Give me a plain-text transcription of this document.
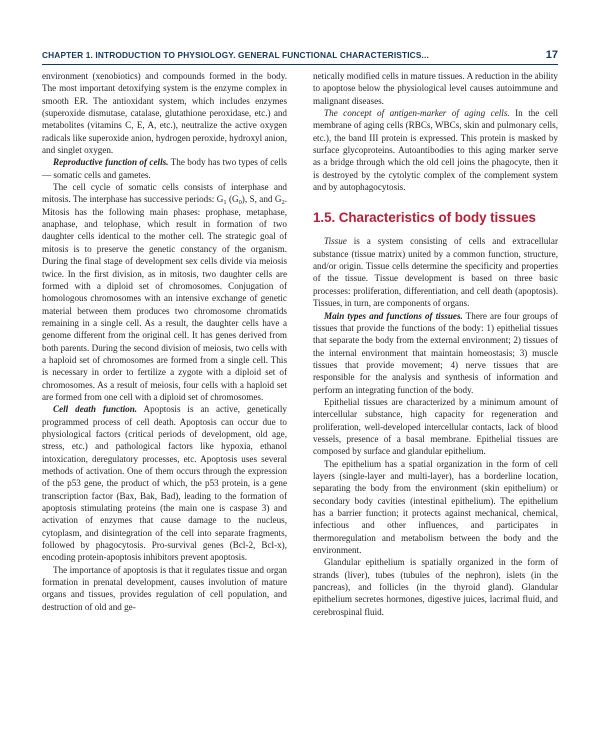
CHAPTER 1. INTRODUCTION TO PHYSIOLOGY. GENERAL FUNCTIONAL CHARACTERISTICS...	17

environment (xenobiotics) and compounds formed in the body. The most important detoxifying system is the enzyme complex in smooth ER. The antioxidant system, which includes enzymes (superoxide dismutase, catalase, glutathione peroxidase, etc.) and metabolites (vitamins C, E, A, etc.), neutralize the active oxygen radicals like superoxide anion, hydrogen peroxide, hydroxyl anion, and singlet oxygen.

Reproductive function of cells. The body has two types of cells — somatic cells and gametes.

The cell cycle of somatic cells consists of interphase and mitosis. The interphase has successive periods: $G_1$ $(G_0)$, S, and $G_2$. Mitosis has the following main phases: prophase, metaphase, anaphase, and telophase, which result in formation of two daughter cells identical to the mother cell. The strategic goal of mitosis is to preserve the genetic constancy of the organism. During the final stage of development sex cells divide via meiosis twice. In the first division, as in mitosis, two daughter cells are formed with a diploid set of chromosomes. Conjugation of homologous chromosomes with an intensive exchange of genetic material between them produces two chromosome chromatids remaining in a single cell. As a result, the daughter cells have a genome different from the original cell. It has genes derived from both parents. During the second division of meiosis, two cells with a haploid set of chromosomes are formed from a single cell. This is necessary in order to fertilize a zygote with a diploid set of chromosomes. As a result of meiosis, four cells with a haploid set are formed from one cell with a diploid set of chromosomes.

Cell death function. Apoptosis is an active, genetically programmed process of cell death. Apoptosis can occur due to physiological factors (critical periods of development, old age, stress, etc.) and pathological factors like hypoxia, ethanol intoxication, deregulatory processes, etc. Apoptosis uses several methods of activation. One of them occurs through the expression of the p53 gene, the product of which, the p53 protein, is a gene transcription factor (Bax, Bak, Bad), leading to the formation of apoptosis stimulating proteins (the main one is caspase 3) and activation of enzymes that cause damage to the nucleus, cytoplasm, and disintegration of the cell into separate fragments, followed by phagocytosis. Pro-survival genes (Bcl-2, Bcl-x), encoding protein-apoptosis inhibitors prevent apoptosis.

The importance of apoptosis is that it regulates tissue and organ formation in prenatal development, causes involution of mature organs and tissues, provides regulation of cell population, and destruction of old and ge-

netically modified cells in mature tissues. A reduction in the ability to apoptose below the physiological level causes autoimmune and malignant diseases.

The concept of antigen-marker of aging cells. In the cell membrane of aging cells (RBCs, WBCs, skin and pulmonary cells, etc.), the band III protein is expressed. This protein is masked by surface glycoproteins. Autoantibodies to this aging marker serve as a bridge through which the old cell joins the phagocyte, then it is destroyed by the cytolytic complex of the complement system and by autophagocytosis.

1.5. Characteristics of body tissues

Tissue is a system consisting of cells and extracellular substance (tissue matrix) united by a common function, structure, and/or origin. Tissue cells determine the specificity and properties of the tissue. Tissue development is based on three basic processes: proliferation, differentiation, and cell death (apoptosis). Tissues, in turn, are components of organs.

Main types and functions of tissues. There are four groups of tissues that provide the functions of the body: 1) epithelial tissues that separate the body from the external environment; 2) tissues of the internal environment that maintain homeostasis; 3) muscle tissues that provide movement; 4) nerve tissues that are responsible for the analysis and synthesis of information and perform an integrating function of the body.

Epithelial tissues are characterized by a minimum amount of intercellular substance, high capacity for regeneration and proliferation, well-developed intercellular contacts, lack of blood vessels, presence of a basal membrane. Epithelial tissues are composed by surface and glandular epithelium.

The epithelium has a spatial organization in the form of cell layers (single-layer and multi-layer), has a borderline location, separating the body from the environment (skin epithelium) or secondary body cavities (intestinal epithelium). The epithelium has a barrier function; it protects against mechanical, chemical, infectious and other influences, and participates in thermoregulation and metabolism between the body and the environment.

Glandular epithelium is spatially organized in the form of strands (liver), tubes (tubules of the nephron), islets (in the pancreas), and follicles (in the thyroid gland). Glandular epithelium secretes hormones, digestive juices, lacrimal fluid, and cerebrospinal fluid.
